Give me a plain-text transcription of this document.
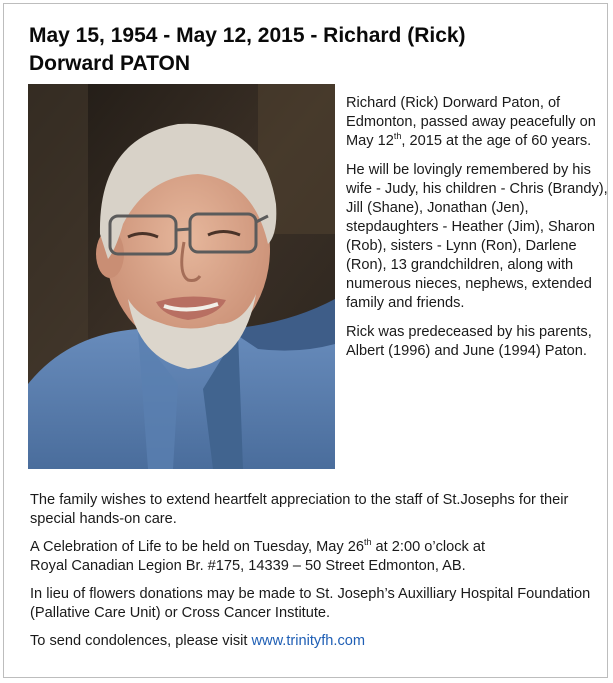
May 15, 1954 - May 12, 2015 - Richard (Rick)
Dorward PATON

Richard (Rick) Dorward Paton, of Edmonton, passed away peacefully on May 12th, 2015 at the age of 60 years.

He will be lovingly remembered by his wife - Judy, his children - Chris (Brandy), Jill (Shane), Jonathan (Jen), stepdaughters - Heather (Jim), Sharon (Rob), sisters - Lynn (Ron), Darlene (Ron), 13 grandchildren, along with numerous nieces, nephews, extended family and friends.

Rick was predeceased by his parents, Albert (1996) and June (1994) Paton.

The family wishes to extend heartfelt appreciation to the staff of St.Josephs for their special hands-on care.

A Celebration of Life to be held on Tuesday, May 26th at 2:00 o’clock at
Royal Canadian Legion Br. #175, 14339 – 50 Street Edmonton, AB.

In lieu of flowers donations may be made to St. Joseph’s Auxilliary Hospital Foundation (Pallative Care Unit) or Cross Cancer Institute.

To send condolences, please visit www.trinityfh.com
